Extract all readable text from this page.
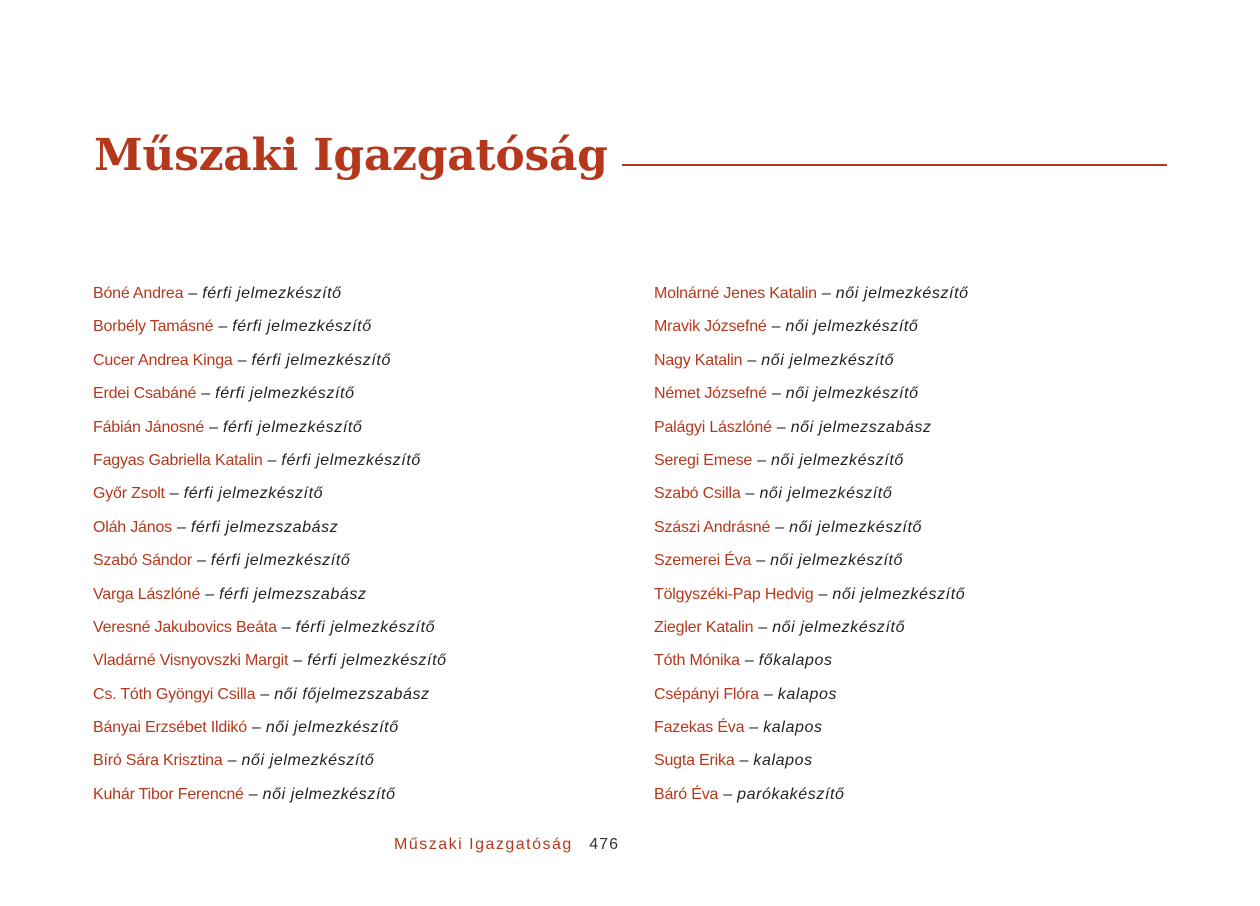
Műszaki Igazgatóság
Bóné Andrea – férfi jelmezkészítő
Borbély Tamásné – férfi jelmezkészítő
Cucer Andrea Kinga – férfi jelmezkészítő
Erdei Csabáné – férfi jelmezkészítő
Fábián Jánosné – férfi jelmezkészítő
Fagyas Gabriella Katalin – férfi jelmezkészítő
Győr Zsolt – férfi jelmezkészítő
Oláh János – férfi jelmezszabász
Szabó Sándor – férfi jelmezkészítő
Varga Lászlóné – férfi jelmezszabász
Veresné Jakubovics Beáta – férfi jelmezkészítő
Vladárné Visnyovszki Margit – férfi jelmezkészítő
Cs. Tóth Gyöngyi Csilla – női főjelmezszabász
Bányai Erzsébet Ildikó – női jelmezkészítő
Bíró Sára Krisztina – női jelmezkészítő
Kuhár Tibor Ferencné – női jelmezkészítő
Molnárné Jenes Katalin – női jelmezkészítő
Mravik Józsefné – női jelmezkészítő
Nagy Katalin – női jelmezkészítő
Német Józsefné – női jelmezkészítő
Palágyi Lászlóné – női jelmezszabász
Seregi Emese – női jelmezkészítő
Szabó Csilla – női jelmezkészítő
Szászi Andrásné – női jelmezkészítő
Szemerei Éva – női jelmezkészítő
Tölgyszéki-Pap Hedvig – női jelmezkészítő
Ziegler Katalin – női jelmezkészítő
Tóth Mónika – főkalapos
Csépányi Flóra – kalapos
Fazekas Éva – kalapos
Sugta Erika – kalapos
Báró Éva – parókakészítő
Műszaki Igazgatóság 476
